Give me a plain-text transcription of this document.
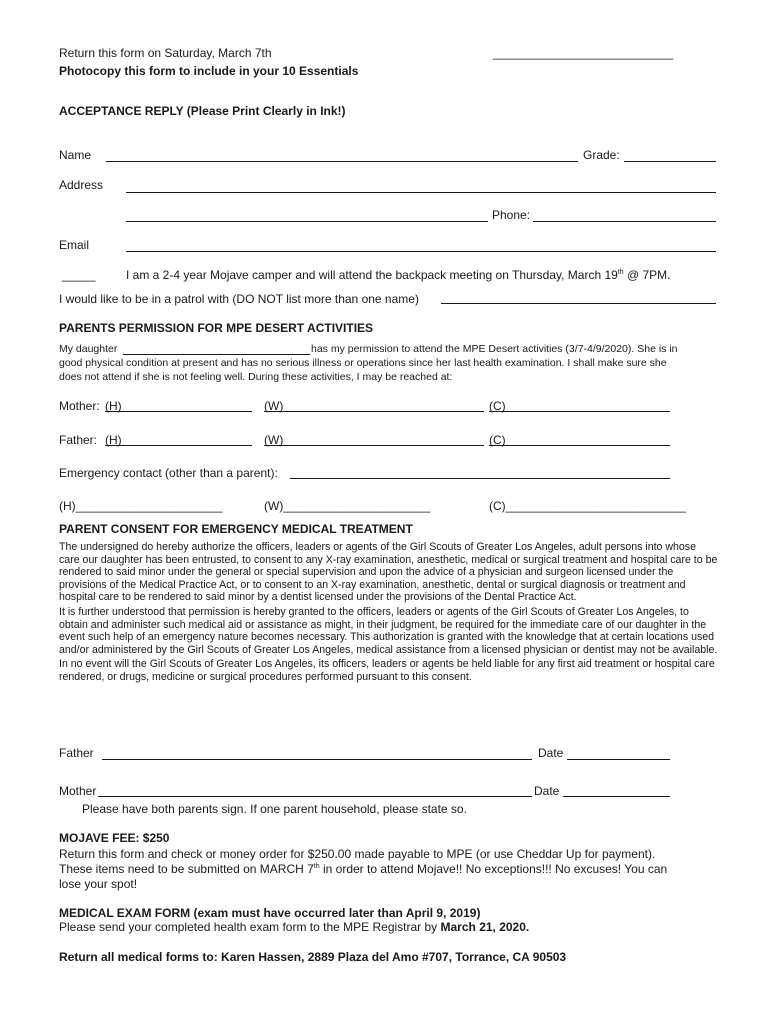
Return this form on Saturday, March 7th	___________________________
Photocopy this form to include in your 10 Essentials
ACCEPTANCE REPLY (Please Print Clearly in Ink!)
Name	Grade:
Address
Phone:
Email
_____	I am a 2-4 year Mojave camper and will attend the backpack meeting on Thursday, March 19th @ 7PM.
I would like to be in a patrol with (DO NOT list more than one name)
PARENTS PERMISSION FOR MPE DESERT ACTIVITIES
My daughter	has my permission to attend the MPE Desert activities (3/7-4/9/2020). She is in
good physical condition at present and has no serious illness or operations since her last health examination. I shall make sure she
does not attend if she is not feeling well. During these activities, I may be reached at:
Mother: (H)	(W)	(C)
Father: (H)	(W)	(C)
Emergency contact (other than a parent):
(H)______________________	(W)______________________	(C)___________________________
PARENT CONSENT FOR EMERGENCY MEDICAL TREATMENT

The undersigned do hereby authorize the officers, leaders or agents of the Girl Scouts of Greater Los Angeles, adult persons into whose care our daughter has been entrusted, to consent to any X-ray examination, anesthetic, medical or surgical treatment and hospital care to be rendered to said minor under the general or special supervision and upon the advice of a physician and surgeon licensed under the provisions of the Medical Practice Act, or to consent to an X-ray examination, anesthetic, dental or surgical diagnosis or treatment and hospital care to be rendered to said minor by a dentist licensed under the provisions of the Dental Practice Act.

It is further understood that permission is hereby granted to the officers, leaders or agents of the Girl Scouts of Greater Los Angeles, to obtain and administer such medical aid or assistance as might, in their judgment, be required for the immediate care of our daughter in the event such help of an emergency nature becomes necessary. This authorization is granted with the knowledge that at certain locations used and/or administered by the Girl Scouts of Greater Los Angeles, medical assistance from a licensed physician or dentist may not be available.

In no event will the Girl Scouts of Greater Los Angeles, its officers, leaders or agents be held liable for any first aid treatment or hospital care rendered, or drugs, medicine or surgical procedures performed pursuant to this consent.

Father	Date
Mother	Date
Please have both parents sign. If one parent household, please state so.
MOJAVE FEE: $250
Return this form and check or money order for $250.00 made payable to MPE (or use Cheddar Up for payment).
These items need to be submitted on MARCH 7th in order to attend Mojave!! No exceptions!!! No excuses! You can
lose your spot!
MEDICAL EXAM FORM (exam must have occurred later than April 9, 2019)
Please send your completed health exam form to the MPE Registrar by March 21, 2020.
Return all medical forms to: Karen Hassen, 2889 Plaza del Amo #707, Torrance, CA 90503
